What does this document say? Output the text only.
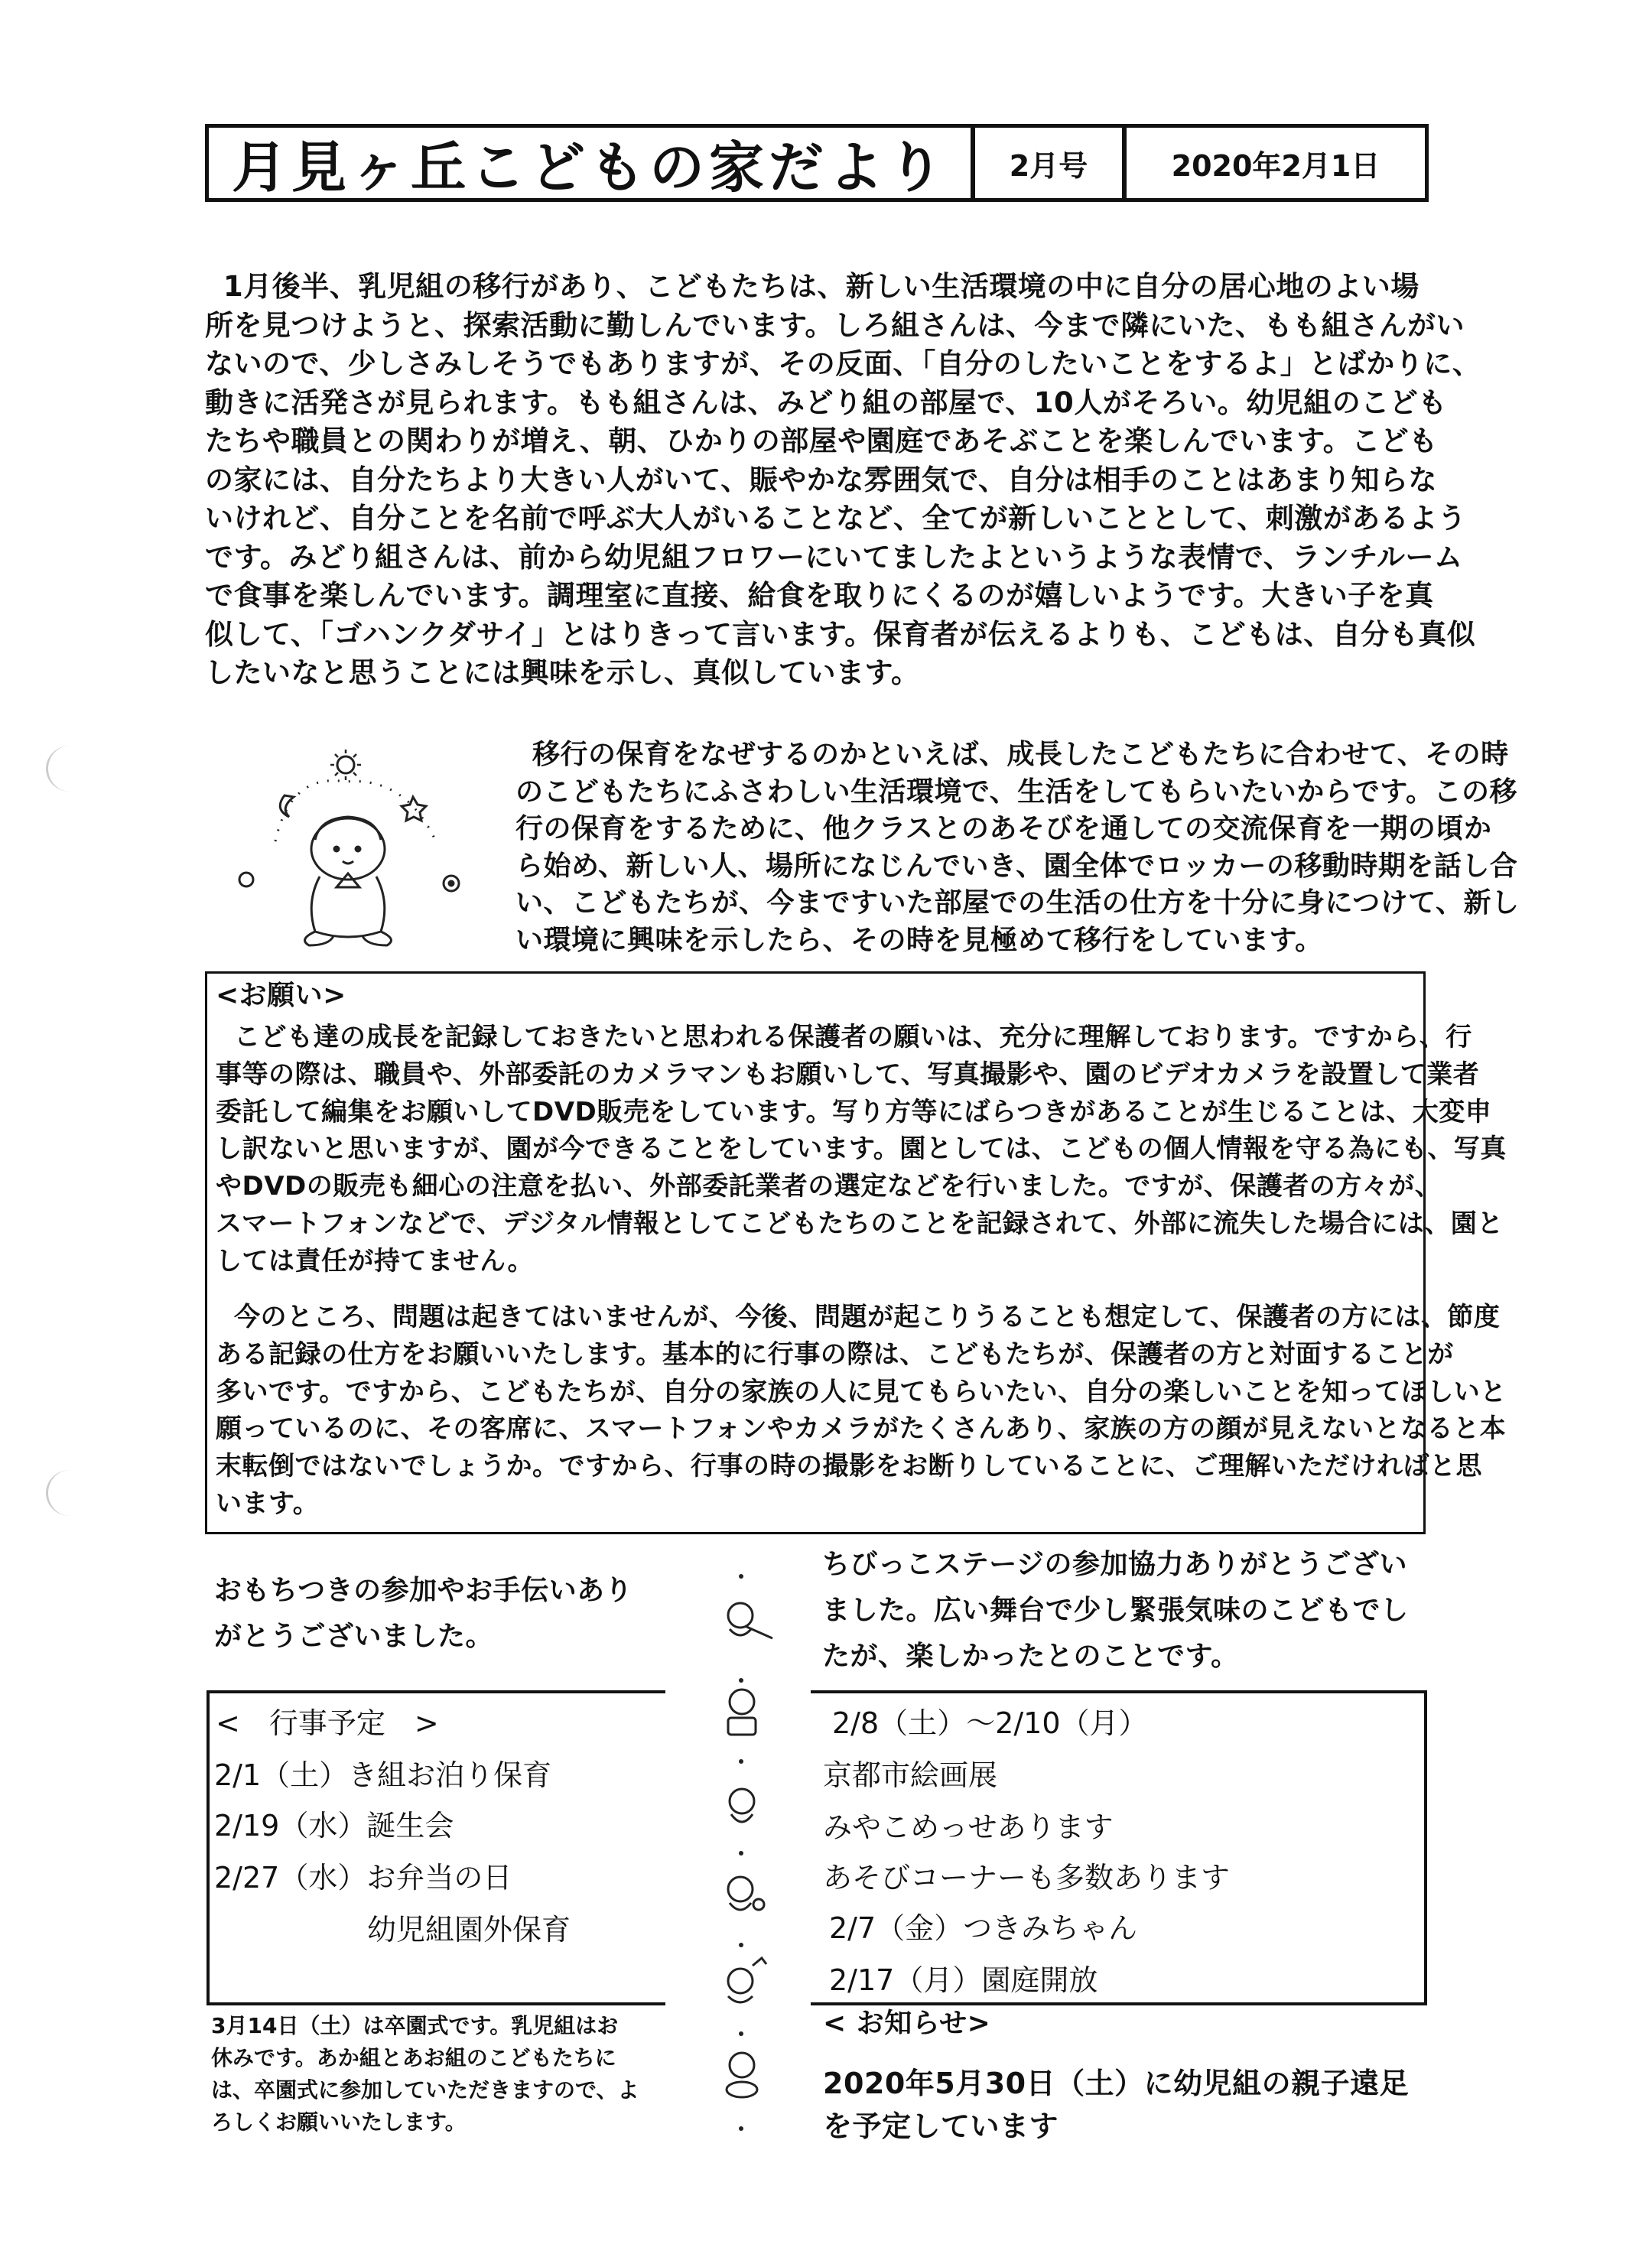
月見ヶ丘こどもの家だより 2月号	2020年2月1日
1月後半、乳児組の移行があり、こどもたちは、新しい生活環境の中に自分の居心地のよい場
所を見つけようと、探索活動に勤しんでいます。しろ組さんは、今まで隣にいた、もも組さんがい
ないので、少しさみしそうでもありますが、その反面、「自分のしたいことをするよ」とばかりに、
動きに活発さが見られます。もも組さんは、みどり組の部屋で、10人がそろい。幼児組のこども
たちや職員との関わりが増え、朝、ひかりの部屋や園庭であそぶことを楽しんでいます。こども
の家には、自分たちより大きい人がいて、賑やかな雰囲気で、自分は相手のことはあまり知らな
いけれど、自分ことを名前で呼ぶ大人がいることなど、全てが新しいこととして、刺激があるよう
です。みどり組さんは、前から幼児組フロワーにいてましたよというような表情で、ランチルーム
で食事を楽しんでいます。調理室に直接、給食を取りにくるのが嬉しいようです。大きい子を真
似して、「ゴハンクダサイ」とはりきって言います。保育者が伝えるよりも、こどもは、自分も真似
したいなと思うことには興味を示し、真似しています。
移行の保育をなぜするのかといえば、成長したこどもたちに合わせて、その時
のこどもたちにふさわしい生活環境で、生活をしてもらいたいからです。この移
行の保育をするために、他クラスとのあそびを通しての交流保育を一期の頃か
ら始め、新しい人、場所になじんでいき、園全体でロッカーの移動時期を話し合
い、こどもたちが、今まですいた部屋での生活の仕方を十分に身につけて、新し
い環境に興味を示したら、その時を見極めて移行をしています。
<お願い>
こども達の成長を記録しておきたいと思われる保護者の願いは、充分に理解しております。ですから、行
事等の際は、職員や、外部委託のカメラマンもお願いして、写真撮影や、園のビデオカメラを設置して業者
委託して編集をお願いしてDVD販売をしています。写り方等にばらつきがあることが生じることは、大変申
し訳ないと思いますが、園が今できることをしています。園としては、こどもの個人情報を守る為にも、写真
やDVDの販売も細心の注意を払い、外部委託業者の選定などを行いました。ですが、保護者の方々が、
スマートフォンなどで、デジタル情報としてこどもたちのことを記録されて、外部に流失した場合には、園と
しては責任が持てません。
今のところ、問題は起きてはいませんが、今後、問題が起こりうることも想定して、保護者の方には、節度
ある記録の仕方をお願いいたします。基本的に行事の際は、こどもたちが、保護者の方と対面することが
多いです。ですから、こどもたちが、自分の家族の人に見てもらいたい、自分の楽しいことを知ってほしいと
願っているのに、その客席に、スマートフォンやカメラがたくさんあり、家族の方の顔が見えないとなると本
末転倒ではないでしょうか。ですから、行事の時の撮影をお断りしていることに、ご理解いただければと思
います。
おもちつきの参加やお手伝いあり
がとうございました。
ちびっこステージの参加協力ありがとうござい
ました。広い舞台で少し緊張気味のこどもでし
たが、楽しかったとのことです。
<　行事予定　>
2/1（土）き組お泊り保育
2/19（水）誕生会
2/27（水）お弁当の日
幼児組園外保育
2/8（土）～2/10（月）
京都市絵画展
みやこめっせあります
あそびコーナーも多数あります
2/7（金）つきみちゃん
2/17（月）園庭開放
3月14日（土）は卒園式です。乳児組はお
休みです。あか組とあお組のこどもたちに
は、卒園式に参加していただきますので、よ
ろしくお願いいたします。
< お知らせ>
2020年5月30日（土）に幼児組の親子遠足
を予定しています
